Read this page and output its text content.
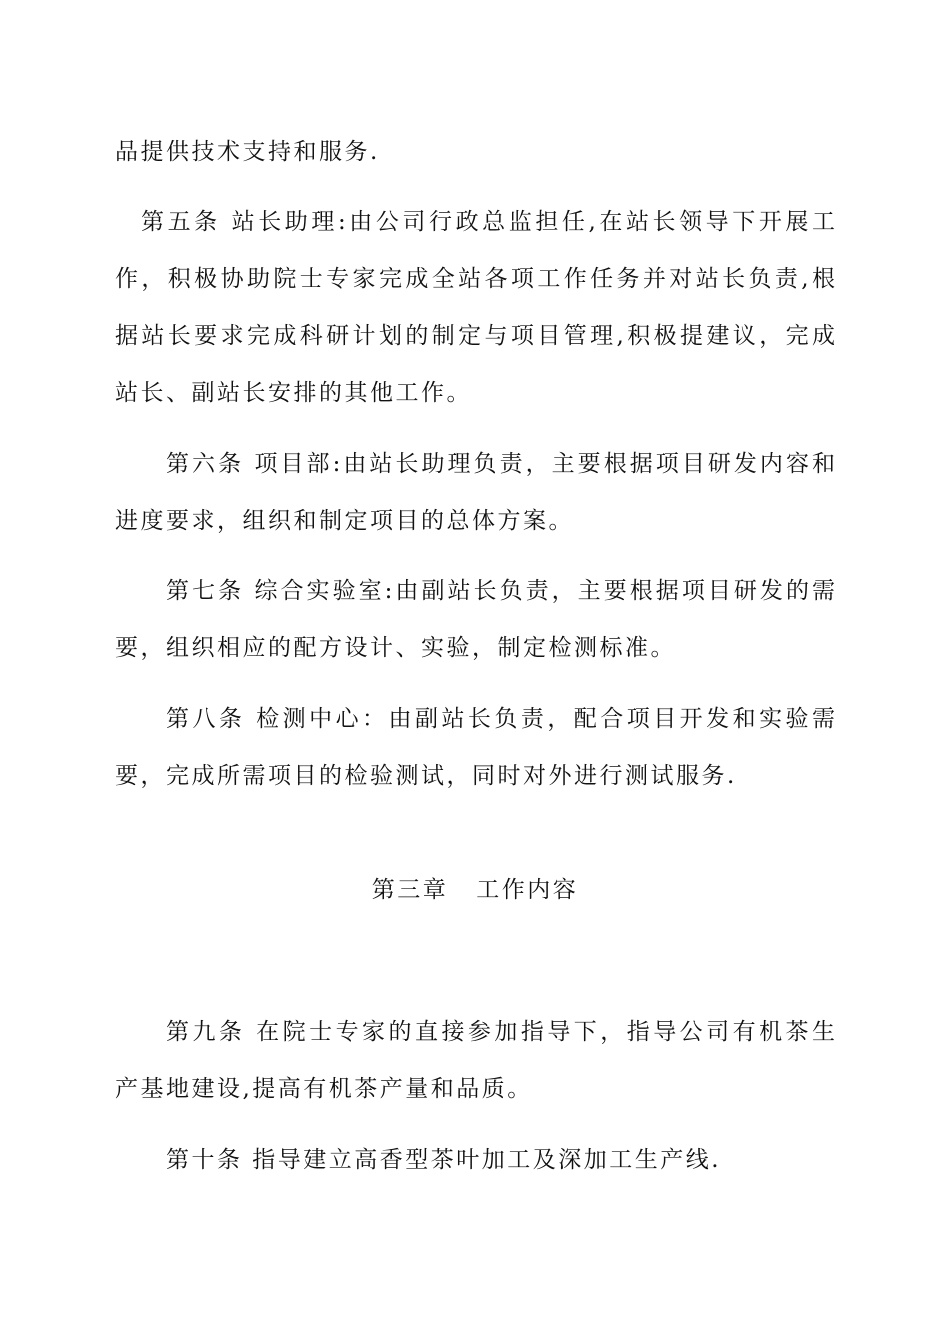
品提供技术支持和服务.
第五条 站长助理:由公司行政总监担任,在站长领导下开展工
作，积极协助院士专家完成全站各项工作任务并对站长负责,根
据站长要求完成科研计划的制定与项目管理,积极提建议，完成
站长、副站长安排的其他工作。
第六条 项目部:由站长助理负责，主要根据项目研发内容和
进度要求，组织和制定项目的总体方案。
第七条 综合实验室:由副站长负责，主要根据项目研发的需
要，组织相应的配方设计、实验，制定检测标准。
第八条 检测中心：由副站长负责，配合项目开发和实验需
要，完成所需项目的检验测试，同时对外进行测试服务.
第三章 工作内容
第九条 在院士专家的直接参加指导下，指导公司有机茶生
产基地建设,提高有机茶产量和品质。
第十条 指导建立高香型茶叶加工及深加工生产线.
